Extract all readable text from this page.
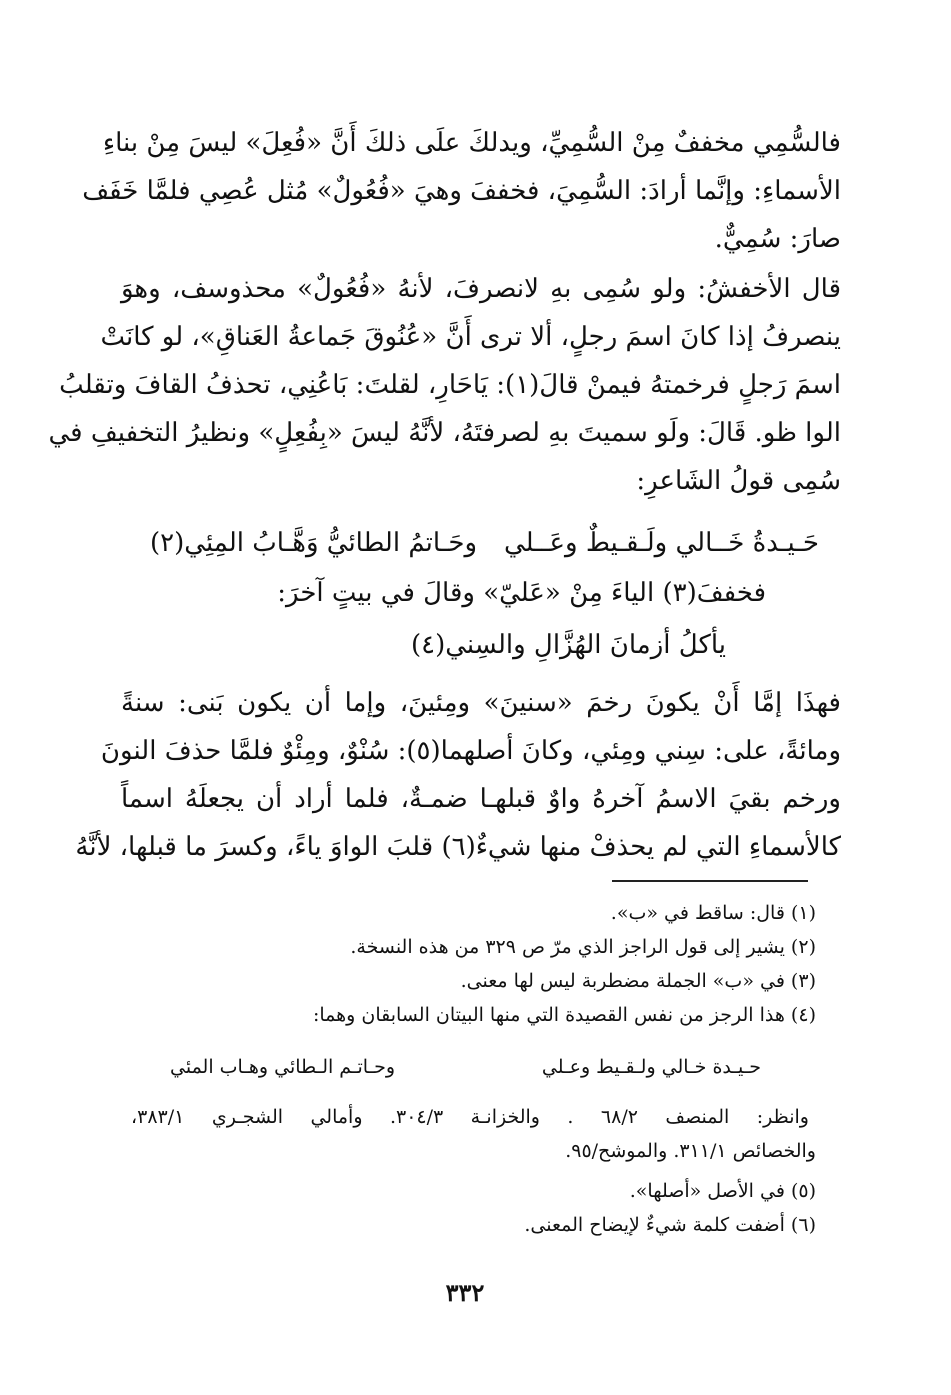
فالسُّمِي مخففٌ مِنْ السُّمِيِّ، ويدلكَ علَى ذلكَ أَنَّ «فُعِلَ» ليسَ مِنْ بناءِ
الأسماءِ: وإنَّما أرادَ: السُّمِيَ، فخففَ وهيَ «فُعُولٌ» مُثل عُصِي فلمَّا خَفَف
صارَ: سُمِيٌّ.
قال الأخفشُ: ولو سُمِى بهِ لانصرفَ، لأنهُ «فُعُولٌ» محذوسف، وهوَ
ينصرفُ إذا كانَ اسمَ رجلٍ، ألا ترى أَنَّ «عُنُوقَ جَماعةُ العَناقِ»، لو كانَتْ
اسمَ رَجلٍ فرخمتهُ فيمنْ قالَ(١): يَاحَارِ، لقلتَ: بَاعُنِي، تحذفُ القافَ وتقلبُ
الوا ظو. قَالَ: ولَو سميتَ بهِ لصرفتَهُ، لأنَّهُ ليسَ «بِفُعِلٍ» ونظيرُ التخفيفِ في
سُمِى قولُ الشَاعرِ:
حَـيـدةُ خَــالي ولَـقـيطٌ وعَــلي
وحَـاتمُ الطائيُّ وَهَّـابُ المِئِي(٢)
فخففَ(٣) الياءَ مِنْ «عَليّ» وقالَ في بيتٍ آخرَ:
يأكلُ أزمانَ الهُزَّالِ والسِني(٤)
فهذَا إمَّا أَنْ يكونَ رخمَ «سنينَ» ومِئينَ، وإما أن يكون بَنى: سنةً
ومائةً، على: سِني ومِئي، وكانَ أصلهما(٥): سُنْوٌ، ومِئْوٌ فلمَّا حذفَ النونَ
ورخم بقيَ الاسمُ آخرهُ واوٌ قبلهـا ضمـةٌ، فلما أراد أن يجعلَهُ اسماً
كالأسماءِ التي لم يحذفْ منها شيءٌ(٦) قلبَ الواوَ ياءً، وكسرَ ما قبلها، لأنَّهُ
(١) قال: ساقط في «ب».
(٢) يشير إلى قول الراجز الذي مرّ ص ٣٢٩ من هذه النسخة.
(٣) في «ب» الجملة مضطربة ليس لها معنى.
(٤) هذا الرجز من نفس القصيدة التي منها البيتان السابقان وهما:
حـيـدة خـالي ولـقـيط وعـلي
وحـاتـم الـطائي وهـاب المئي
وانظر: المنصف ٦٨/٢ . والخزانـة ٣٠٤/٣. وأمالي الشجـري ٣٨٣/١،
والخصائص ٣١١/١. والموشح/٩٥.
(٥) في الأصل «أصلها».
(٦) أضفت كلمة شيءٌ لإيضاح المعنى.
٣٣٢
